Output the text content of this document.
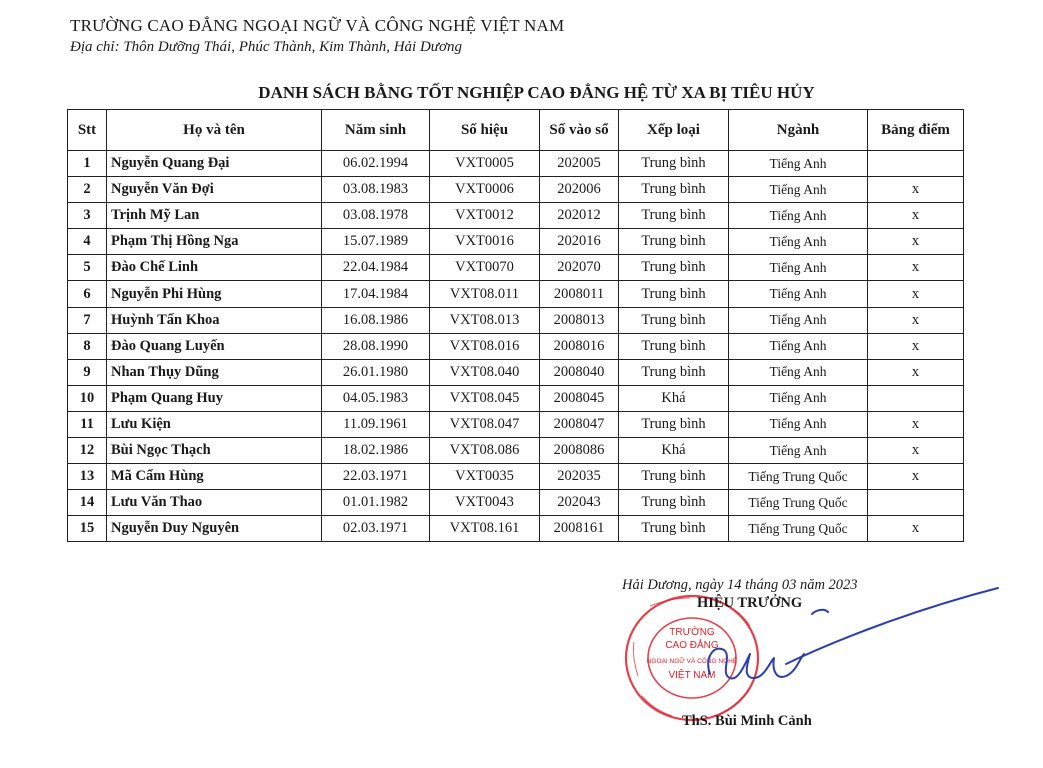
TRƯỜNG CAO ĐẲNG NGOẠI NGỮ VÀ CÔNG NGHỆ VIỆT NAM
Địa chỉ: Thôn Dưỡng Thái, Phúc Thành, Kim Thành, Hải Dương
DANH SÁCH BẰNG TỐT NGHIỆP CAO ĐẲNG HỆ TỪ XA BỊ TIÊU HỦY
Stt	Họ và tên	Năm sinh	Số hiệu	Số vào sổ	Xếp loại	Ngành	Bảng điểm
1	Nguyễn Quang Đại	06.02.1994	VXT0005	202005	Trung bình	Tiếng Anh	
2	Nguyễn Văn Đợi	03.08.1983	VXT0006	202006	Trung bình	Tiếng Anh	x
3	Trịnh Mỹ Lan	03.08.1978	VXT0012	202012	Trung bình	Tiếng Anh	x
4	Phạm Thị Hồng Nga	15.07.1989	VXT0016	202016	Trung bình	Tiếng Anh	x
5	Đào Chế Linh	22.04.1984	VXT0070	202070	Trung bình	Tiếng Anh	x
6	Nguyễn Phi Hùng	17.04.1984	VXT08.011	2008011	Trung bình	Tiếng Anh	x
7	Huỳnh Tấn Khoa	16.08.1986	VXT08.013	2008013	Trung bình	Tiếng Anh	x
8	Đào Quang Luyến	28.08.1990	VXT08.016	2008016	Trung bình	Tiếng Anh	x
9	Nhan Thụy Dũng	26.01.1980	VXT08.040	2008040	Trung bình	Tiếng Anh	x
10	Phạm Quang Huy	04.05.1983	VXT08.045	2008045	Khá	Tiếng Anh	
11	Lưu Kiện	11.09.1961	VXT08.047	2008047	Trung bình	Tiếng Anh	x
12	Bùi Ngọc Thạch	18.02.1986	VXT08.086	2008086	Khá	Tiếng Anh	x
13	Mã Cẩm Hùng	22.03.1971	VXT0035	202035	Trung bình	Tiếng Trung Quốc	x
14	Lưu Văn Thao	01.01.1982	VXT0043	202043	Trung bình	Tiếng Trung Quốc	
15	Nguyễn Duy Nguyên	02.03.1971	VXT08.161	2008161	Trung bình	Tiếng Trung Quốc	x
Hải Dương, ngày 14 tháng 03 năm 2023
TRƯỜNG
CAO ĐẲNG
NGOẠI NGỮ VÀ CÔNG NGHỆ
VIỆT NAM
HIỆU TRƯỞNG
ThS. Bùi Minh Cảnh
